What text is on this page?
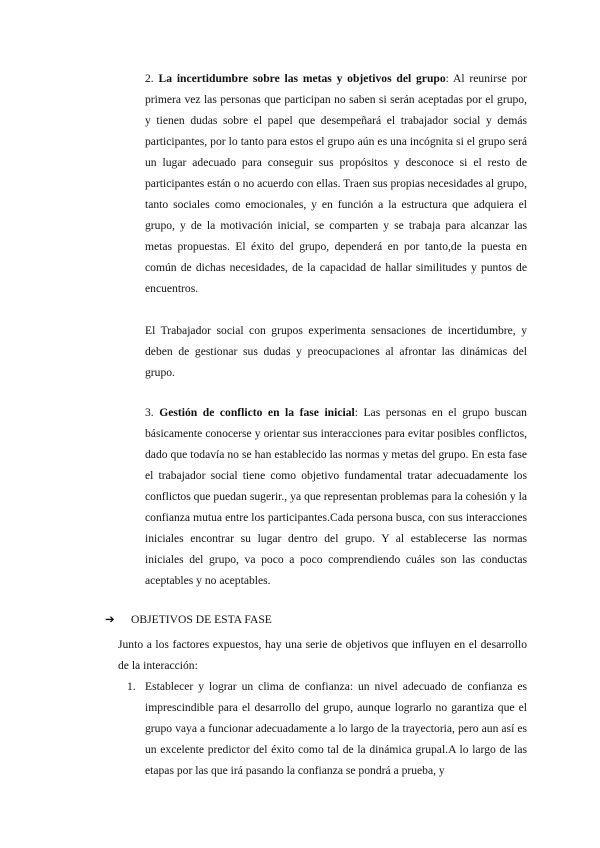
2. La incertidumbre sobre las metas y objetivos del grupo: Al reunirse por primera vez las personas que participan no saben si serán aceptadas por el grupo, y tienen dudas sobre el papel que desempeñará el trabajador social y demás participantes, por lo tanto para estos el grupo aún es una incógnita si el grupo será un lugar adecuado para conseguir sus propósitos y desconoce si el resto de participantes están o no acuerdo con ellas. Traen sus propias necesidades al grupo, tanto sociales como emocionales, y en función a la estructura que adquiera el grupo, y de la motivación inicial, se comparten y se trabaja para alcanzar las metas propuestas. El éxito del grupo, dependerá en por tanto,de la puesta en común de dichas necesidades, de la capacidad de hallar similitudes y puntos de encuentros.

El Trabajador social con grupos experimenta sensaciones de incertidumbre, y deben de gestionar sus dudas y preocupaciones al afrontar las dinámicas del grupo.

3. Gestión de conflicto en la fase inicial: Las personas en el grupo buscan básicamente conocerse y orientar sus interacciones para evitar posibles conflictos, dado que todavía no se han establecido las normas y metas del grupo. En esta fase el trabajador social tiene como objetivo fundamental tratar adecuadamente los conflictos que puedan sugerir., ya que representan problemas para la cohesión y la confianza mutua entre los participantes.Cada persona busca, con sus interacciones iniciales encontrar su lugar dentro del grupo. Y al establecerse las normas iniciales del grupo, va poco a poco comprendiendo cuáles son las conductas aceptables y no aceptables.

➔ OBJETIVOS DE ESTA FASE

Junto a los factores expuestos, hay una serie de objetivos que influyen en el desarrollo de la interacción:

1. Establecer y lograr un clima de confianza: un nivel adecuado de confianza es imprescindible para el desarrollo del grupo, aunque lograrlo no garantiza que el grupo vaya a funcionar adecuadamente a lo largo de la trayectoria, pero aun así es un excelente predictor del éxito como tal de la dinámica grupal.A lo largo de las etapas por las que irá pasando la confianza se pondrá a prueba, y
